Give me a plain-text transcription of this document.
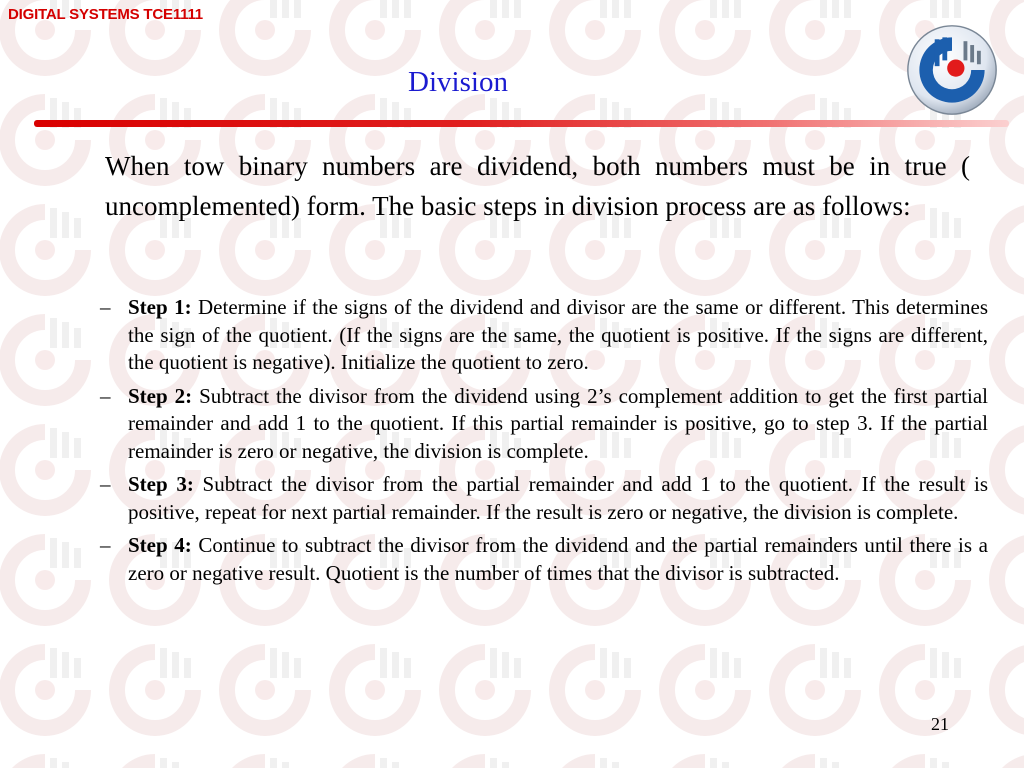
DIGITAL SYSTEMS TCE1111
Division
When tow binary numbers are dividend, both numbers must be in true ( uncomplemented) form. The basic steps in division process are as follows:
– Step 1: Determine if the signs of the dividend and divisor are the same or different. This determines the sign of the quotient. (If the signs are the same, the quotient is positive. If the signs are different, the quotient is negative). Initialize the quotient to zero.
– Step 2: Subtract the divisor from the dividend using 2’s complement addition to get the first partial remainder and add 1 to the quotient. If this partial remainder is positive, go to step 3. If the partial remainder is zero or negative, the division is complete.
– Step 3: Subtract the divisor from the partial remainder and add 1 to the quotient. If the result is positive, repeat for next partial remainder. If the result is zero or negative, the division is complete.
– Step 4: Continue to subtract the divisor from the dividend and the partial remainders until there is a zero or negative result. Quotient is the number of times that the divisor is subtracted.
21
